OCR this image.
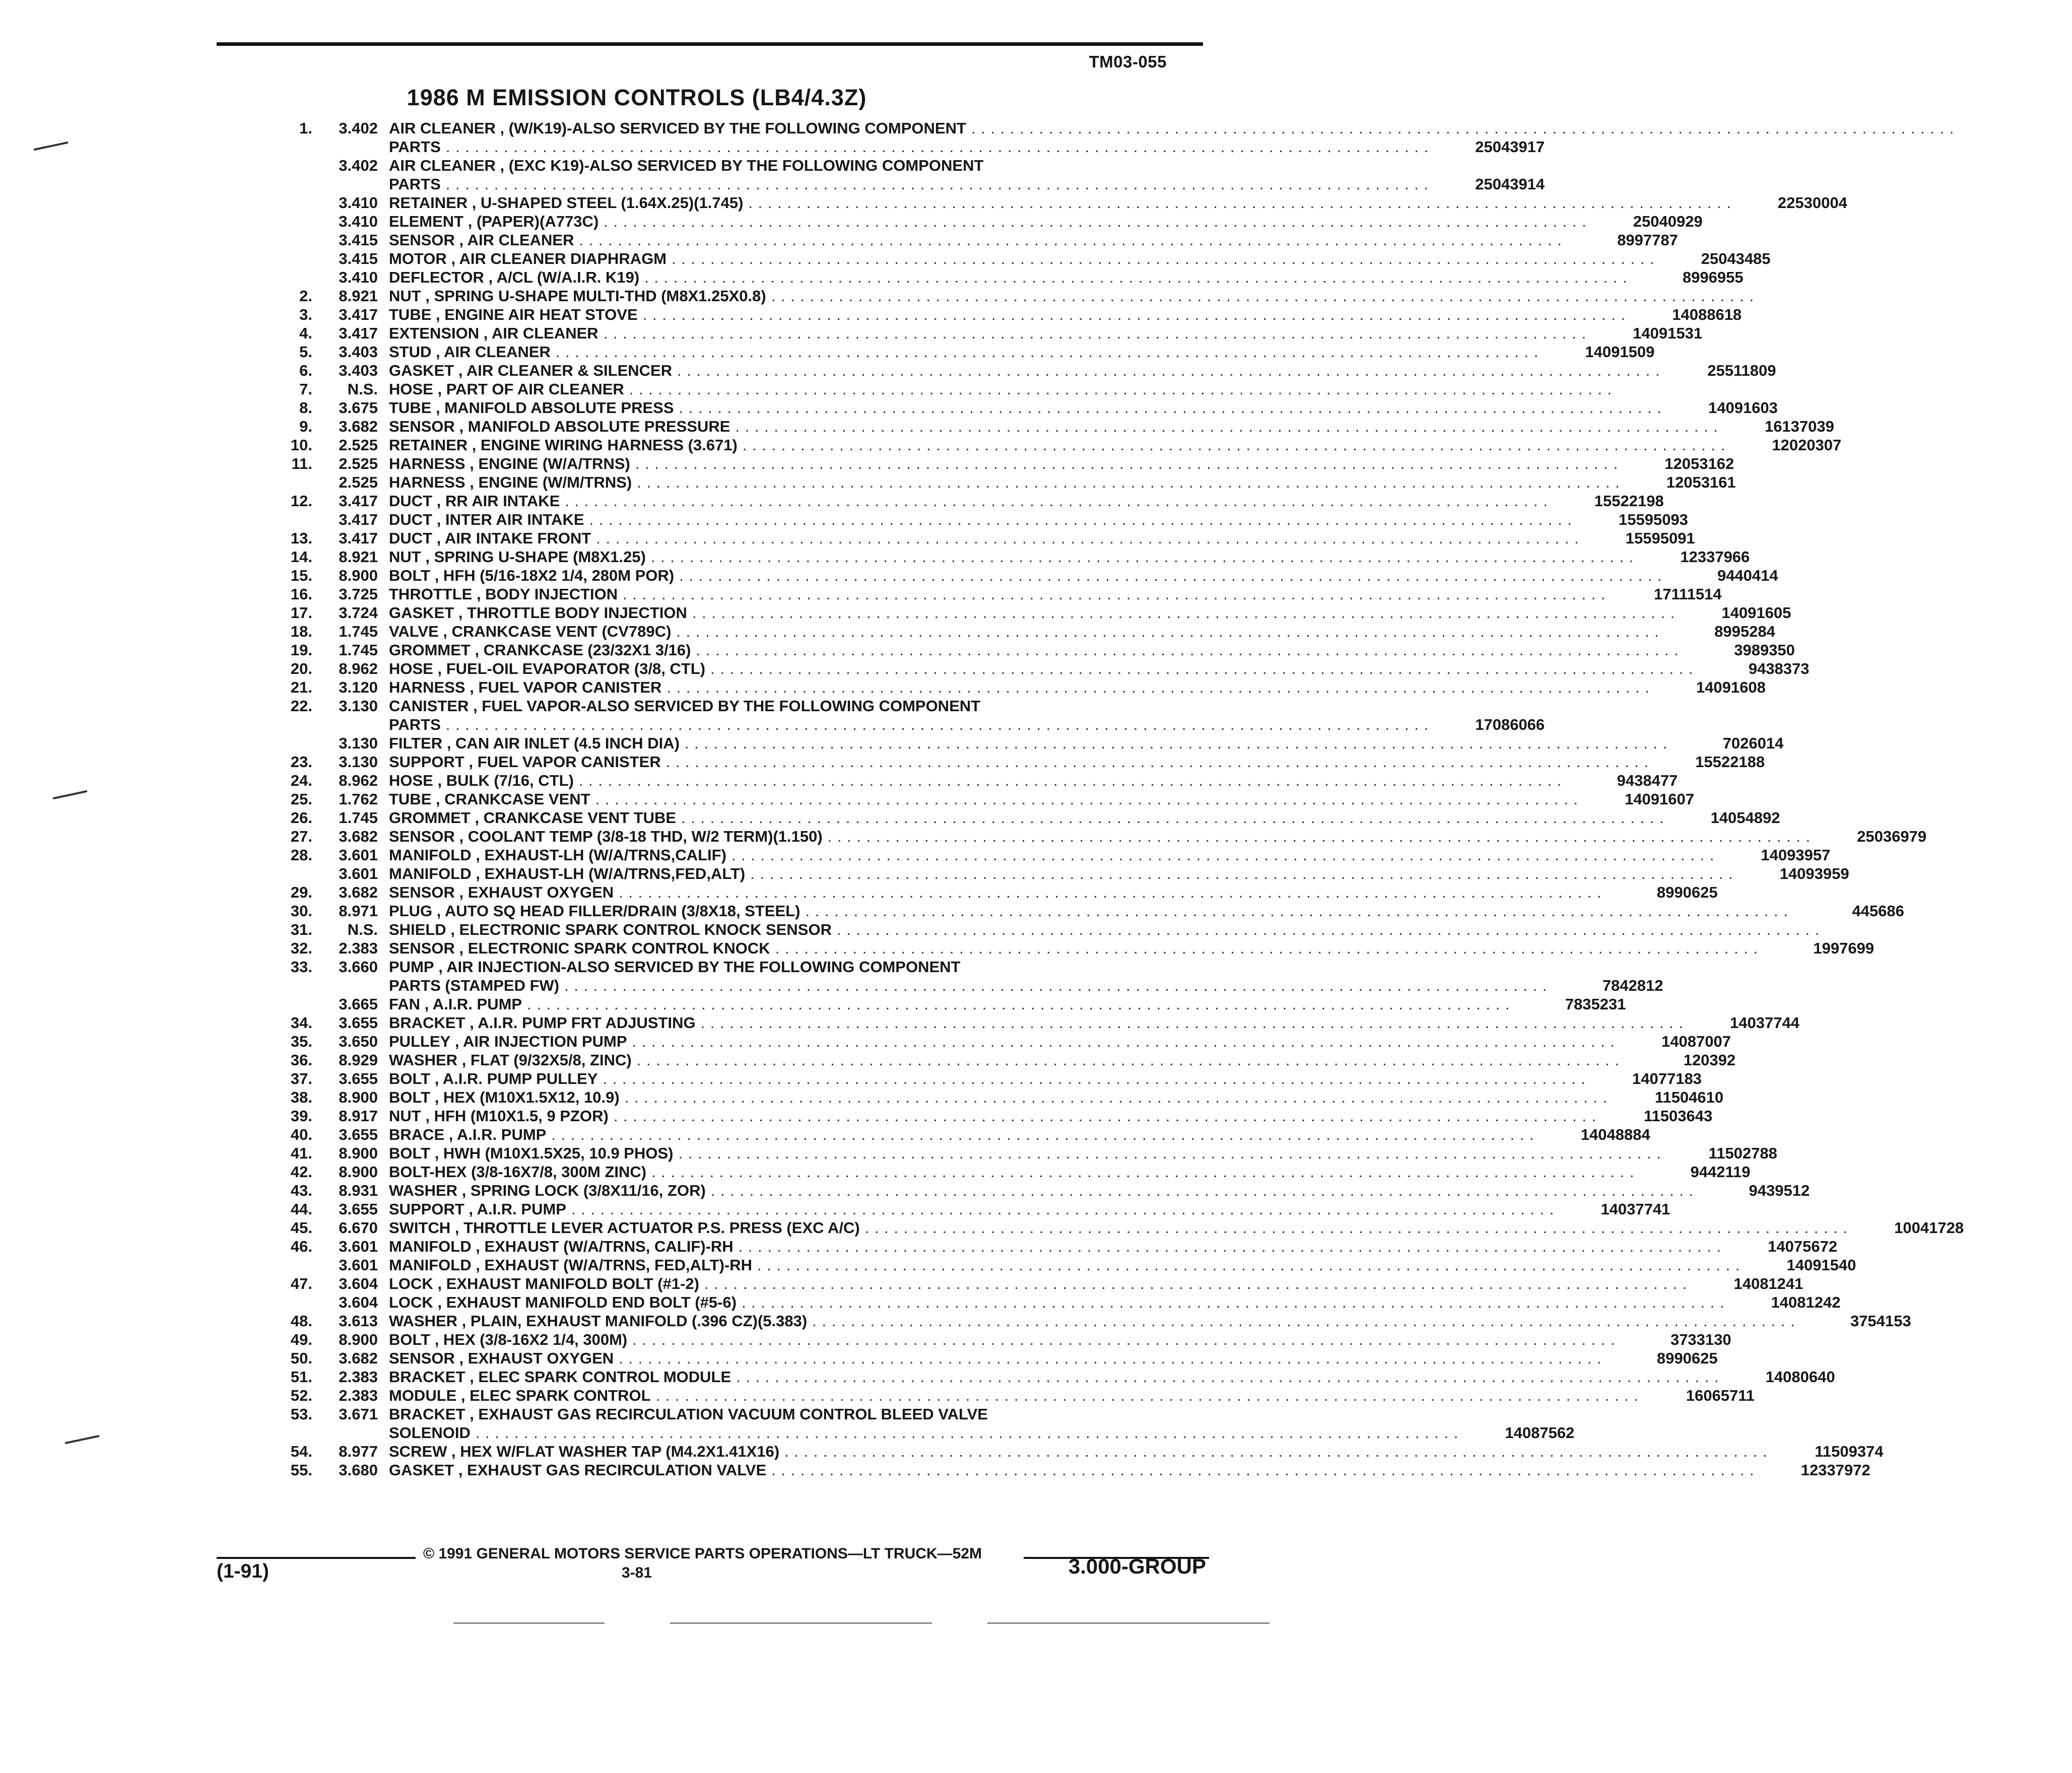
TM03-055
1986 M EMISSION CONTROLS (LB4/4.3Z)
1.	3.402 AIR CLEANER
, (W/K19)-ALSO SERVICED BY THE FOLLOWING COMPONENT . . . . . . . . . . . . . . . . . . . . . . . . . . . . . . . . . . . . . . . . . . . . . . . . . . . . . . . . . . . . . . . . . . . . . . . . . . . . . . . . . . . . . . . . . . . . . . . . . . . . . .
PARTS . . . . . . . . . . . . . . . . . . . . . . . . . . . . . . . . . . . . . . . . . . . . . . . . . . . . . . . . . . . . . . . . . . . . . . . . . . . . . . . . . . . . . . . . . . . . . . . . . . . . . .	25043917
3.402 AIR CLEANER
, (EXC K19)-ALSO SERVICED BY THE FOLLOWING COMPONENT
PARTS . . . . . . . . . . . . . . . . . . . . . . . . . . . . . . . . . . . . . . . . . . . . . . . . . . . . . . . . . . . . . . . . . . . . . . . . . . . . . . . . . . . . . . . . . . . . . . . . . . . . . .	25043914
3.410 RETAINER
, U-SHAPED STEEL (1.64X.25)(1.745) . . . . . . . . . . . . . . . . . . . . . . . . . . . . . . . . . . . . . . . . . . . . . . . . . . . . . . . . . . . . . . . . . . . . . . . . . . . . . . . . . . . . . . . . . . . . . . . . . . . . . .	22530004
3.410 ELEMENT
, (PAPER)(A773C) . . . . . . . . . . . . . . . . . . . . . . . . . . . . . . . . . . . . . . . . . . . . . . . . . . . . . . . . . . . . . . . . . . . . . . . . . . . . . . . . . . . . . . . . . . . . . . . . . . . . . .	25040929
3.415 SENSOR
, AIR CLEANER . . . . . . . . . . . . . . . . . . . . . . . . . . . . . . . . . . . . . . . . . . . . . . . . . . . . . . . . . . . . . . . . . . . . . . . . . . . . . . . . . . . . . . . . . . . . . . . . . . . . . .	8997787
3.415 MOTOR
, AIR CLEANER DIAPHRAGM . . . . . . . . . . . . . . . . . . . . . . . . . . . . . . . . . . . . . . . . . . . . . . . . . . . . . . . . . . . . . . . . . . . . . . . . . . . . . . . . . . . . . . . . . . . . . . . . . . . . . .	25043485
3.410 DEFLECTOR
, A/CL (W/A.I.R. K19) . . . . . . . . . . . . . . . . . . . . . . . . . . . . . . . . . . . . . . . . . . . . . . . . . . . . . . . . . . . . . . . . . . . . . . . . . . . . . . . . . . . . . . . . . . . . . . . . . . . . . .	8996955
2.	8.921 NUT
, SPRING U-SHAPE MULTI-THD (M8X1.25X0.8) . . . . . . . . . . . . . . . . . . . . . . . . . . . . . . . . . . . . . . . . . . . . . . . . . . . . . . . . . . . . . . . . . . . . . . . . . . . . . . . . . . . . . . . . . . . . . . . . . . . . . .
3.	3.417 TUBE
, ENGINE AIR HEAT STOVE . . . . . . . . . . . . . . . . . . . . . . . . . . . . . . . . . . . . . . . . . . . . . . . . . . . . . . . . . . . . . . . . . . . . . . . . . . . . . . . . . . . . . . . . . . . . . . . . . . . . . .	14088618
4.	3.417 EXTENSION
, AIR CLEANER . . . . . . . . . . . . . . . . . . . . . . . . . . . . . . . . . . . . . . . . . . . . . . . . . . . . . . . . . . . . . . . . . . . . . . . . . . . . . . . . . . . . . . . . . . . . . . . . . . . . . .	14091531
5.	3.403 STUD
, AIR CLEANER . . . . . . . . . . . . . . . . . . . . . . . . . . . . . . . . . . . . . . . . . . . . . . . . . . . . . . . . . . . . . . . . . . . . . . . . . . . . . . . . . . . . . . . . . . . . . . . . . . . . . .	14091509
6.	3.403 GASKET
, AIR CLEANER & SILENCER . . . . . . . . . . . . . . . . . . . . . . . . . . . . . . . . . . . . . . . . . . . . . . . . . . . . . . . . . . . . . . . . . . . . . . . . . . . . . . . . . . . . . . . . . . . . . . . . . . . . . .	25511809
7.	N.S. HOSE
, PART OF AIR CLEANER . . . . . . . . . . . . . . . . . . . . . . . . . . . . . . . . . . . . . . . . . . . . . . . . . . . . . . . . . . . . . . . . . . . . . . . . . . . . . . . . . . . . . . . . . . . . . . . . . . . . . .
8.	3.675 TUBE
, MANIFOLD ABSOLUTE PRESS . . . . . . . . . . . . . . . . . . . . . . . . . . . . . . . . . . . . . . . . . . . . . . . . . . . . . . . . . . . . . . . . . . . . . . . . . . . . . . . . . . . . . . . . . . . . . . . . . . . . . .	14091603
9.	3.682 SENSOR
, MANIFOLD ABSOLUTE PRESSURE . . . . . . . . . . . . . . . . . . . . . . . . . . . . . . . . . . . . . . . . . . . . . . . . . . . . . . . . . . . . . . . . . . . . . . . . . . . . . . . . . . . . . . . . . . . . . . . . . . . . . .	16137039
10.	2.525 RETAINER
, ENGINE WIRING HARNESS (3.671) . . . . . . . . . . . . . . . . . . . . . . . . . . . . . . . . . . . . . . . . . . . . . . . . . . . . . . . . . . . . . . . . . . . . . . . . . . . . . . . . . . . . . . . . . . . . . . . . . . . . . .	12020307
11.	2.525 HARNESS
, ENGINE (W/A/TRNS) . . . . . . . . . . . . . . . . . . . . . . . . . . . . . . . . . . . . . . . . . . . . . . . . . . . . . . . . . . . . . . . . . . . . . . . . . . . . . . . . . . . . . . . . . . . . . . . . . . . . . .	12053162
2.525 HARNESS
, ENGINE (W/M/TRNS) . . . . . . . . . . . . . . . . . . . . . . . . . . . . . . . . . . . . . . . . . . . . . . . . . . . . . . . . . . . . . . . . . . . . . . . . . . . . . . . . . . . . . . . . . . . . . . . . . . . . . .	12053161
12.	3.417 DUCT
, RR AIR INTAKE . . . . . . . . . . . . . . . . . . . . . . . . . . . . . . . . . . . . . . . . . . . . . . . . . . . . . . . . . . . . . . . . . . . . . . . . . . . . . . . . . . . . . . . . . . . . . . . . . . . . . .	15522198
3.417 DUCT
, INTER AIR INTAKE . . . . . . . . . . . . . . . . . . . . . . . . . . . . . . . . . . . . . . . . . . . . . . . . . . . . . . . . . . . . . . . . . . . . . . . . . . . . . . . . . . . . . . . . . . . . . . . . . . . . . .	15595093
13.	3.417 DUCT
, AIR INTAKE FRONT . . . . . . . . . . . . . . . . . . . . . . . . . . . . . . . . . . . . . . . . . . . . . . . . . . . . . . . . . . . . . . . . . . . . . . . . . . . . . . . . . . . . . . . . . . . . . . . . . . . . . .	15595091
14.	8.921 NUT
, SPRING U-SHAPE (M8X1.25) . . . . . . . . . . . . . . . . . . . . . . . . . . . . . . . . . . . . . . . . . . . . . . . . . . . . . . . . . . . . . . . . . . . . . . . . . . . . . . . . . . . . . . . . . . . . . . . . . . . . . .	12337966
15.	8.900 BOLT
, HFH (5/16-18X2 1/4, 280M POR) . . . . . . . . . . . . . . . . . . . . . . . . . . . . . . . . . . . . . . . . . . . . . . . . . . . . . . . . . . . . . . . . . . . . . . . . . . . . . . . . . . . . . . . . . . . . . . . . . . . . . .	9440414
16.	3.725 THROTTLE
, BODY INJECTION . . . . . . . . . . . . . . . . . . . . . . . . . . . . . . . . . . . . . . . . . . . . . . . . . . . . . . . . . . . . . . . . . . . . . . . . . . . . . . . . . . . . . . . . . . . . . . . . . . . . . .	17111514
17.	3.724 GASKET
, THROTTLE BODY INJECTION . . . . . . . . . . . . . . . . . . . . . . . . . . . . . . . . . . . . . . . . . . . . . . . . . . . . . . . . . . . . . . . . . . . . . . . . . . . . . . . . . . . . . . . . . . . . . . . . . . . . . .	14091605
18.	1.745 VALVE
, CRANKCASE VENT (CV789C) . . . . . . . . . . . . . . . . . . . . . . . . . . . . . . . . . . . . . . . . . . . . . . . . . . . . . . . . . . . . . . . . . . . . . . . . . . . . . . . . . . . . . . . . . . . . . . . . . . . . . .	8995284
19.	1.745 GROMMET
, CRANKCASE (23/32X1 3/16) . . . . . . . . . . . . . . . . . . . . . . . . . . . . . . . . . . . . . . . . . . . . . . . . . . . . . . . . . . . . . . . . . . . . . . . . . . . . . . . . . . . . . . . . . . . . . . . . . . . . . .	3989350
20.	8.962 HOSE
, FUEL-OIL EVAPORATOR (3/8, CTL) . . . . . . . . . . . . . . . . . . . . . . . . . . . . . . . . . . . . . . . . . . . . . . . . . . . . . . . . . . . . . . . . . . . . . . . . . . . . . . . . . . . . . . . . . . . . . . . . . . . . . .	9438373
21.	3.120 HARNESS
, FUEL VAPOR CANISTER . . . . . . . . . . . . . . . . . . . . . . . . . . . . . . . . . . . . . . . . . . . . . . . . . . . . . . . . . . . . . . . . . . . . . . . . . . . . . . . . . . . . . . . . . . . . . . . . . . . . . .	14091608
22.	3.130 CANISTER
, FUEL VAPOR-ALSO SERVICED BY THE FOLLOWING COMPONENT
PARTS . . . . . . . . . . . . . . . . . . . . . . . . . . . . . . . . . . . . . . . . . . . . . . . . . . . . . . . . . . . . . . . . . . . . . . . . . . . . . . . . . . . . . . . . . . . . . . . . . . . . . .	17086066
3.130 FILTER
, CAN AIR INLET (4.5 INCH DIA) . . . . . . . . . . . . . . . . . . . . . . . . . . . . . . . . . . . . . . . . . . . . . . . . . . . . . . . . . . . . . . . . . . . . . . . . . . . . . . . . . . . . . . . . . . . . . . . . . . . . . .	7026014
23.	3.130 SUPPORT
, FUEL VAPOR CANISTER . . . . . . . . . . . . . . . . . . . . . . . . . . . . . . . . . . . . . . . . . . . . . . . . . . . . . . . . . . . . . . . . . . . . . . . . . . . . . . . . . . . . . . . . . . . . . . . . . . . . . .	15522188
24.	8.962 HOSE
, BULK (7/16, CTL) . . . . . . . . . . . . . . . . . . . . . . . . . . . . . . . . . . . . . . . . . . . . . . . . . . . . . . . . . . . . . . . . . . . . . . . . . . . . . . . . . . . . . . . . . . . . . . . . . . . . . .	9438477
25.	1.762 TUBE
, CRANKCASE VENT . . . . . . . . . . . . . . . . . . . . . . . . . . . . . . . . . . . . . . . . . . . . . . . . . . . . . . . . . . . . . . . . . . . . . . . . . . . . . . . . . . . . . . . . . . . . . . . . . . . . . .	14091607
26.	1.745 GROMMET
, CRANKCASE VENT TUBE . . . . . . . . . . . . . . . . . . . . . . . . . . . . . . . . . . . . . . . . . . . . . . . . . . . . . . . . . . . . . . . . . . . . . . . . . . . . . . . . . . . . . . . . . . . . . . . . . . . . . .	14054892
27.	3.682 SENSOR
, COOLANT TEMP (3/8-18 THD, W/2 TERM)(1.150) . . . . . . . . . . . . . . . . . . . . . . . . . . . . . . . . . . . . . . . . . . . . . . . . . . . . . . . . . . . . . . . . . . . . . . . . . . . . . . . . . . . . . . . . . . . . . . . . . . . . . .	25036979
28.	3.601 MANIFOLD
, EXHAUST-LH (W/A/TRNS,CALIF) . . . . . . . . . . . . . . . . . . . . . . . . . . . . . . . . . . . . . . . . . . . . . . . . . . . . . . . . . . . . . . . . . . . . . . . . . . . . . . . . . . . . . . . . . . . . . . . . . . . . . .	14093957
3.601 MANIFOLD
, EXHAUST-LH (W/A/TRNS,FED,ALT) . . . . . . . . . . . . . . . . . . . . . . . . . . . . . . . . . . . . . . . . . . . . . . . . . . . . . . . . . . . . . . . . . . . . . . . . . . . . . . . . . . . . . . . . . . . . . . . . . . . . . .	14093959
29.	3.682 SENSOR
, EXHAUST OXYGEN . . . . . . . . . . . . . . . . . . . . . . . . . . . . . . . . . . . . . . . . . . . . . . . . . . . . . . . . . . . . . . . . . . . . . . . . . . . . . . . . . . . . . . . . . . . . . . . . . . . . . .	8990625
30.	8.971 PLUG
, AUTO SQ HEAD FILLER/DRAIN (3/8X18, STEEL) . . . . . . . . . . . . . . . . . . . . . . . . . . . . . . . . . . . . . . . . . . . . . . . . . . . . . . . . . . . . . . . . . . . . . . . . . . . . . . . . . . . . . . . . . . . . . . . . . . . . . .	445686
31.	N.S. SHIELD
, ELECTRONIC SPARK CONTROL KNOCK SENSOR . . . . . . . . . . . . . . . . . . . . . . . . . . . . . . . . . . . . . . . . . . . . . . . . . . . . . . . . . . . . . . . . . . . . . . . . . . . . . . . . . . . . . . . . . . . . . . . . . . . . . .
32.	2.383 SENSOR
, ELECTRONIC SPARK CONTROL KNOCK . . . . . . . . . . . . . . . . . . . . . . . . . . . . . . . . . . . . . . . . . . . . . . . . . . . . . . . . . . . . . . . . . . . . . . . . . . . . . . . . . . . . . . . . . . . . . . . . . . . . . .	1997699
33.	3.660 PUMP
, AIR INJECTION-ALSO SERVICED BY THE FOLLOWING COMPONENT
PARTS (STAMPED FW) . . . . . . . . . . . . . . . . . . . . . . . . . . . . . . . . . . . . . . . . . . . . . . . . . . . . . . . . . . . . . . . . . . . . . . . . . . . . . . . . . . . . . . . . . . . . . . . . . . . . . .	7842812
3.665 FAN
, A.I.R. PUMP . . . . . . . . . . . . . . . . . . . . . . . . . . . . . . . . . . . . . . . . . . . . . . . . . . . . . . . . . . . . . . . . . . . . . . . . . . . . . . . . . . . . . . . . . . . . . . . . . . . . . .	7835231
34.	3.655 BRACKET
, A.I.R. PUMP FRT ADJUSTING . . . . . . . . . . . . . . . . . . . . . . . . . . . . . . . . . . . . . . . . . . . . . . . . . . . . . . . . . . . . . . . . . . . . . . . . . . . . . . . . . . . . . . . . . . . . . . . . . . . . . .	14037744
35.	3.650 PULLEY
, AIR INJECTION PUMP . . . . . . . . . . . . . . . . . . . . . . . . . . . . . . . . . . . . . . . . . . . . . . . . . . . . . . . . . . . . . . . . . . . . . . . . . . . . . . . . . . . . . . . . . . . . . . . . . . . . . .	14087007
36.	8.929 WASHER
, FLAT (9/32X5/8, ZINC) . . . . . . . . . . . . . . . . . . . . . . . . . . . . . . . . . . . . . . . . . . . . . . . . . . . . . . . . . . . . . . . . . . . . . . . . . . . . . . . . . . . . . . . . . . . . . . . . . . . . . .	120392
37.	3.655 BOLT
, A.I.R. PUMP PULLEY . . . . . . . . . . . . . . . . . . . . . . . . . . . . . . . . . . . . . . . . . . . . . . . . . . . . . . . . . . . . . . . . . . . . . . . . . . . . . . . . . . . . . . . . . . . . . . . . . . . . . .	14077183
38.	8.900 BOLT
, HEX (M10X1.5X12, 10.9) . . . . . . . . . . . . . . . . . . . . . . . . . . . . . . . . . . . . . . . . . . . . . . . . . . . . . . . . . . . . . . . . . . . . . . . . . . . . . . . . . . . . . . . . . . . . . . . . . . . . . .	11504610
39.	8.917 NUT
, HFH (M10X1.5, 9 PZOR) . . . . . . . . . . . . . . . . . . . . . . . . . . . . . . . . . . . . . . . . . . . . . . . . . . . . . . . . . . . . . . . . . . . . . . . . . . . . . . . . . . . . . . . . . . . . . . . . . . . . . .	11503643
40.	3.655 BRACE
, A.I.R. PUMP . . . . . . . . . . . . . . . . . . . . . . . . . . . . . . . . . . . . . . . . . . . . . . . . . . . . . . . . . . . . . . . . . . . . . . . . . . . . . . . . . . . . . . . . . . . . . . . . . . . . . .	14048884
41.	8.900 BOLT
, HWH (M10X1.5X25, 10.9 PHOS) . . . . . . . . . . . . . . . . . . . . . . . . . . . . . . . . . . . . . . . . . . . . . . . . . . . . . . . . . . . . . . . . . . . . . . . . . . . . . . . . . . . . . . . . . . . . . . . . . . . . . .	11502788
42.	8.900 BOLT-HEX
(3/8-16X7/8, 300M ZINC) . . . . . . . . . . . . . . . . . . . . . . . . . . . . . . . . . . . . . . . . . . . . . . . . . . . . . . . . . . . . . . . . . . . . . . . . . . . . . . . . . . . . . . . . . . . . . . . . . . . . . .	9442119
43.	8.931 WASHER
, SPRING LOCK (3/8X11/16, ZOR) . . . . . . . . . . . . . . . . . . . . . . . . . . . . . . . . . . . . . . . . . . . . . . . . . . . . . . . . . . . . . . . . . . . . . . . . . . . . . . . . . . . . . . . . . . . . . . . . . . . . . .	9439512
44.	3.655 SUPPORT
, A.I.R. PUMP . . . . . . . . . . . . . . . . . . . . . . . . . . . . . . . . . . . . . . . . . . . . . . . . . . . . . . . . . . . . . . . . . . . . . . . . . . . . . . . . . . . . . . . . . . . . . . . . . . . . . .	14037741
45.	6.670 SWITCH
, THROTTLE LEVER ACTUATOR P.S. PRESS (EXC A/C) . . . . . . . . . . . . . . . . . . . . . . . . . . . . . . . . . . . . . . . . . . . . . . . . . . . . . . . . . . . . . . . . . . . . . . . . . . . . . . . . . . . . . . . . . . . . . . . . . . . . . .	10041728
46.	3.601 MANIFOLD
, EXHAUST (W/A/TRNS, CALIF)-RH . . . . . . . . . . . . . . . . . . . . . . . . . . . . . . . . . . . . . . . . . . . . . . . . . . . . . . . . . . . . . . . . . . . . . . . . . . . . . . . . . . . . . . . . . . . . . . . . . . . . . .	14075672
3.601 MANIFOLD
, EXHAUST (W/A/TRNS, FED,ALT)-RH . . . . . . . . . . . . . . . . . . . . . . . . . . . . . . . . . . . . . . . . . . . . . . . . . . . . . . . . . . . . . . . . . . . . . . . . . . . . . . . . . . . . . . . . . . . . . . . . . . . . . .	14091540
47.	3.604 LOCK
, EXHAUST MANIFOLD BOLT (#1-2) . . . . . . . . . . . . . . . . . . . . . . . . . . . . . . . . . . . . . . . . . . . . . . . . . . . . . . . . . . . . . . . . . . . . . . . . . . . . . . . . . . . . . . . . . . . . . . . . . . . . . .	14081241
3.604 LOCK
, EXHAUST MANIFOLD END BOLT (#5-6) . . . . . . . . . . . . . . . . . . . . . . . . . . . . . . . . . . . . . . . . . . . . . . . . . . . . . . . . . . . . . . . . . . . . . . . . . . . . . . . . . . . . . . . . . . . . . . . . . . . . . .	14081242
48.	3.613 WASHER
, PLAIN, EXHAUST MANIFOLD (.396 CZ)(5.383) . . . . . . . . . . . . . . . . . . . . . . . . . . . . . . . . . . . . . . . . . . . . . . . . . . . . . . . . . . . . . . . . . . . . . . . . . . . . . . . . . . . . . . . . . . . . . . . . . . . . . .	3754153
49.	8.900 BOLT
, HEX (3/8-16X2 1/4, 300M) . . . . . . . . . . . . . . . . . . . . . . . . . . . . . . . . . . . . . . . . . . . . . . . . . . . . . . . . . . . . . . . . . . . . . . . . . . . . . . . . . . . . . . . . . . . . . . . . . . . . . .	3733130
50.	3.682 SENSOR
, EXHAUST OXYGEN . . . . . . . . . . . . . . . . . . . . . . . . . . . . . . . . . . . . . . . . . . . . . . . . . . . . . . . . . . . . . . . . . . . . . . . . . . . . . . . . . . . . . . . . . . . . . . . . . . . . . .	8990625
51.	2.383 BRACKET
, ELEC SPARK CONTROL MODULE . . . . . . . . . . . . . . . . . . . . . . . . . . . . . . . . . . . . . . . . . . . . . . . . . . . . . . . . . . . . . . . . . . . . . . . . . . . . . . . . . . . . . . . . . . . . . . . . . . . . . .	14080640
52.	2.383 MODULE
, ELEC SPARK CONTROL . . . . . . . . . . . . . . . . . . . . . . . . . . . . . . . . . . . . . . . . . . . . . . . . . . . . . . . . . . . . . . . . . . . . . . . . . . . . . . . . . . . . . . . . . . . . . . . . . . . . . .	16065711
53.	3.671 BRACKET
, EXHAUST GAS RECIRCULATION VACUUM CONTROL BLEED VALVE
SOLENOID . . . . . . . . . . . . . . . . . . . . . . . . . . . . . . . . . . . . . . . . . . . . . . . . . . . . . . . . . . . . . . . . . . . . . . . . . . . . . . . . . . . . . . . . . . . . . . . . . . . . . .	14087562
54.	8.977 SCREW
, HEX W/FLAT WASHER TAP (M4.2X1.41X16) . . . . . . . . . . . . . . . . . . . . . . . . . . . . . . . . . . . . . . . . . . . . . . . . . . . . . . . . . . . . . . . . . . . . . . . . . . . . . . . . . . . . . . . . . . . . . . . . . . . . . .	11509374
55.	3.680 GASKET
, EXHAUST GAS RECIRCULATION VALVE . . . . . . . . . . . . . . . . . . . . . . . . . . . . . . . . . . . . . . . . . . . . . . . . . . . . . . . . . . . . . . . . . . . . . . . . . . . . . . . . . . . . . . . . . . . . . . . . . . . . . .	12337972
© 1991 GENERAL MOTORS SERVICE PARTS OPERATIONS—LT TRUCK—52M
(1-91)	3-81	3.000-GROUP
